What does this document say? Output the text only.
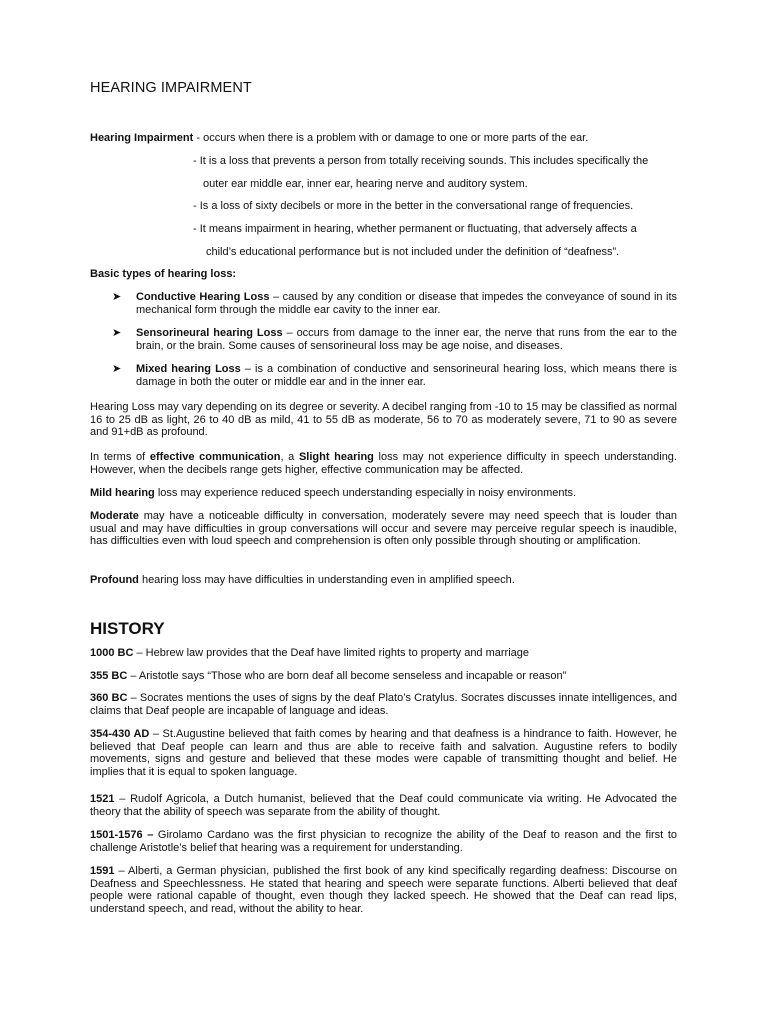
HEARING IMPAIRMENT
Hearing Impairment - occurs when there is a problem with or damage to one or more parts of the ear.
- It is a loss that prevents a person from totally receiving sounds. This includes specifically the
outer ear middle ear, inner ear, hearing nerve and auditory system.
- Is a loss of sixty decibels or more in the better in the conversational range of frequencies.
- It means impairment in hearing, whether permanent or fluctuating, that adversely affects a
child’s educational performance but is not included under the definition of “deafness”.
Basic types of hearing loss:
➤ Conductive Hearing Loss – caused by any condition or disease that impedes the conveyance of sound in its mechanical form through the middle ear cavity to the inner ear.
➤ Sensorineural hearing Loss – occurs from damage to the inner ear, the nerve that runs from the ear to the brain, or the brain. Some causes of sensorineural loss may be age noise, and diseases.
➤ Mixed hearing Loss – is a combination of conductive and sensorineural hearing loss, which means there is damage in both the outer or middle ear and in the inner ear.
Hearing Loss may vary depending on its degree or severity. A decibel ranging from -10 to 15 may be classified as normal 16 to 25 dB as light, 26 to 40 dB as mild, 41 to 55 dB as moderate, 56 to 70 as moderately severe, 71 to 90 as severe and 91+dB as profound.
In terms of effective communication, a Slight hearing loss may not experience difficulty in speech understanding. However, when the decibels range gets higher, effective communication may be affected.
Mild hearing loss may experience reduced speech understanding especially in noisy environments.
Moderate may have a noticeable difficulty in conversation, moderately severe may need speech that is louder than usual and may have difficulties in group conversations will occur and severe may perceive regular speech is inaudible, has difficulties even with loud speech and comprehension is often only possible through shouting or amplification.
Profound hearing loss may have difficulties in understanding even in amplified speech.
HISTORY
1000 BC – Hebrew law provides that the Deaf have limited rights to property and marriage
355 BC – Aristotle says “Those who are born deaf all become senseless and incapable or reason”
360 BC – Socrates mentions the uses of signs by the deaf Plato’s Cratylus. Socrates discusses innate intelligences, and claims that Deaf people are incapable of language and ideas.
354-430 AD – St.Augustine believed that faith comes by hearing and that deafness is a hindrance to faith. However, he believed that Deaf people can learn and thus are able to receive faith and salvation. Augustine refers to bodily movements, signs and gesture and believed that these modes were capable of transmitting thought and belief. He implies that it is equal to spoken language.
1521 – Rudolf Agricola, a Dutch humanist, believed that the Deaf could communicate via writing. He Advocated the theory that the ability of speech was separate from the ability of thought.
1501-1576 – Girolamo Cardano was the first physician to recognize the ability of the Deaf to reason and the first to challenge Aristotle’s belief that hearing was a requirement for understanding.
1591 – Alberti, a German physician, published the first book of any kind specifically regarding deafness: Discourse on Deafness and Speechlessness. He stated that hearing and speech were separate functions. Alberti believed that deaf people were rational capable of thought, even though they lacked speech. He showed that the Deaf can read lips, understand speech, and read, without the ability to hear.
